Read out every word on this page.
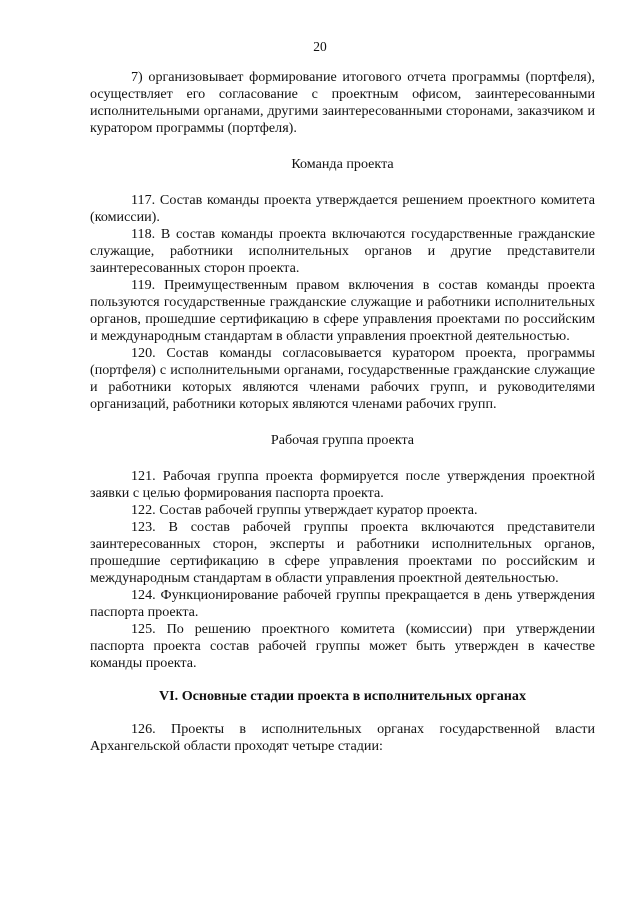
20

7) организовывает формирование итогового отчета программы (портфеля), осуществляет его согласование с проектным офисом, заинтересованными исполнительными органами, другими заинтересованными сторонами, заказчиком и куратором программы (портфеля).

Команда проекта

117. Состав команды проекта утверждается решением проектного комитета (комиссии).

118. В состав команды проекта включаются государственные гражданские служащие, работники исполнительных органов и другие представители заинтересованных сторон проекта.

119. Преимущественным правом включения в состав команды проекта пользуются государственные гражданские служащие и работники исполнительных органов, прошедшие сертификацию в сфере управления проектами по российским и международным стандартам в области управления проектной деятельностью.

120. Состав команды согласовывается куратором проекта, программы (портфеля) с исполнительными органами, государственные гражданские служащие и работники которых являются членами рабочих групп, и руководителями организаций, работники которых являются членами рабочих групп.

Рабочая группа проекта

121. Рабочая группа проекта формируется после утверждения проектной заявки с целью формирования паспорта проекта.

122. Состав рабочей группы утверждает куратор проекта.

123. В состав рабочей группы проекта включаются представители заинтересованных сторон, эксперты и работники исполнительных органов, прошедшие сертификацию в сфере управления проектами по российским и международным стандартам в области управления проектной деятельностью.

124. Функционирование рабочей группы прекращается в день утверждения паспорта проекта.

125. По решению проектного комитета (комиссии) при утверждении паспорта проекта состав рабочей группы может быть утвержден в качестве команды проекта.

VI. Основные стадии проекта в исполнительных органах

126. Проекты в исполнительных органах государственной власти Архангельской области проходят четыре стадии:
